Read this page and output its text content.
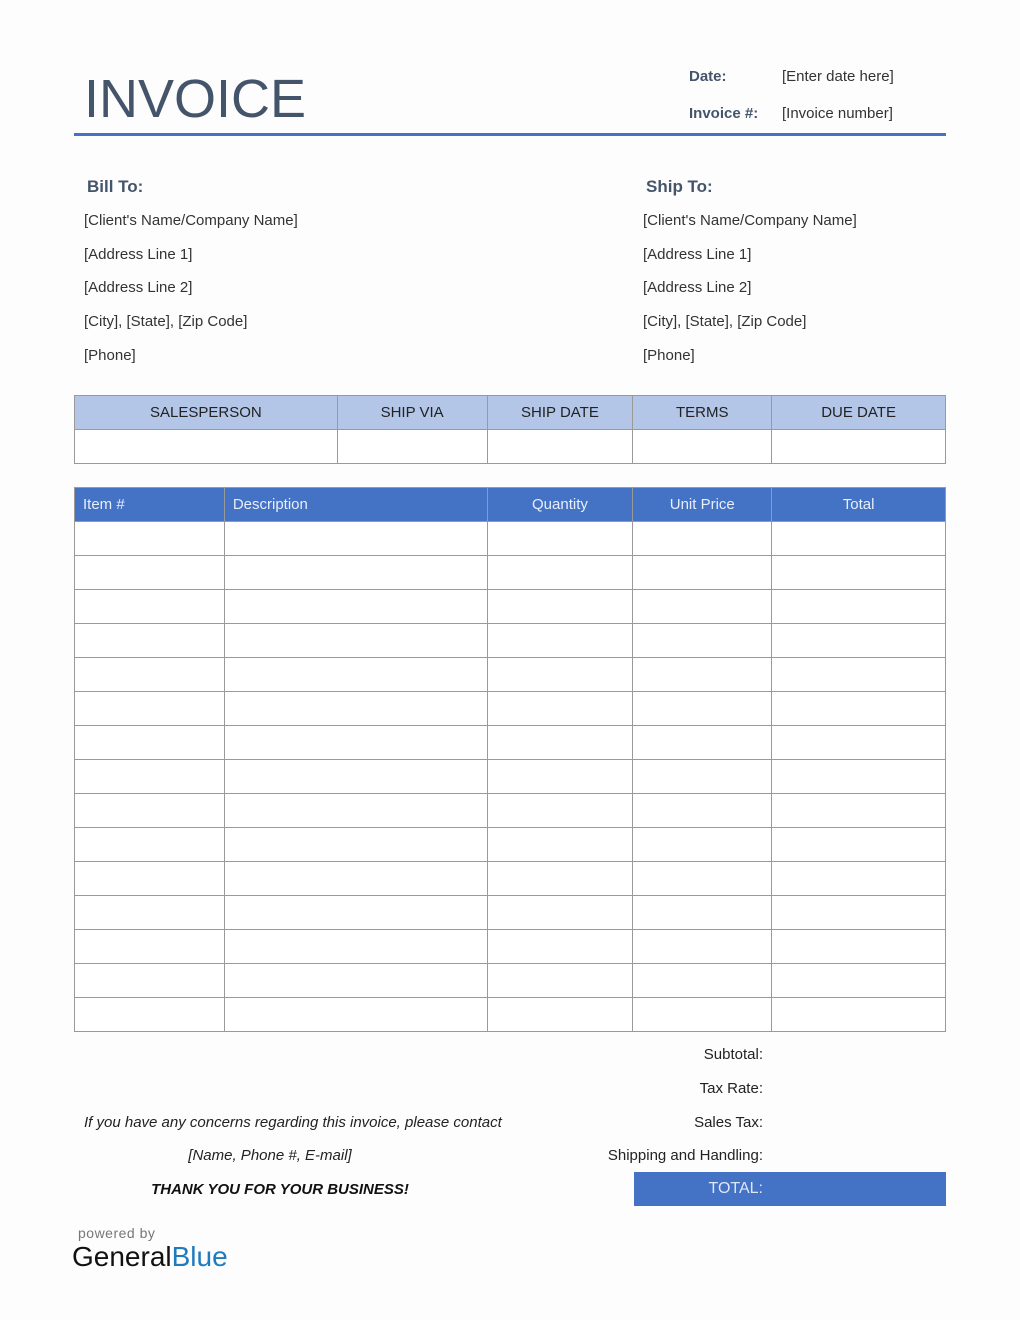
INVOICE	Date:	[Enter date here]
Invoice #: [Invoice number]
Bill To:
[Client's Name/Company Name]
[Address Line 1]
[Address Line 2]
[City], [State], [Zip Code]
[Phone]
Ship To:
[Client's Name/Company Name]
[Address Line 1]
[Address Line 2]
[City], [State], [Zip Code]
[Phone]
SALESPERSON	SHIP VIA	SHIP DATE	TERMS	DUE DATE

Item #	Description	Quantity	Unit Price	Total

Subtotal:
Tax Rate:
Sales Tax:
Shipping and Handling:
TOTAL:
If you have any concerns regarding this invoice, please contact
[Name, Phone #, E-mail]
THANK YOU FOR YOUR BUSINESS!
powered by
GeneralBlue
